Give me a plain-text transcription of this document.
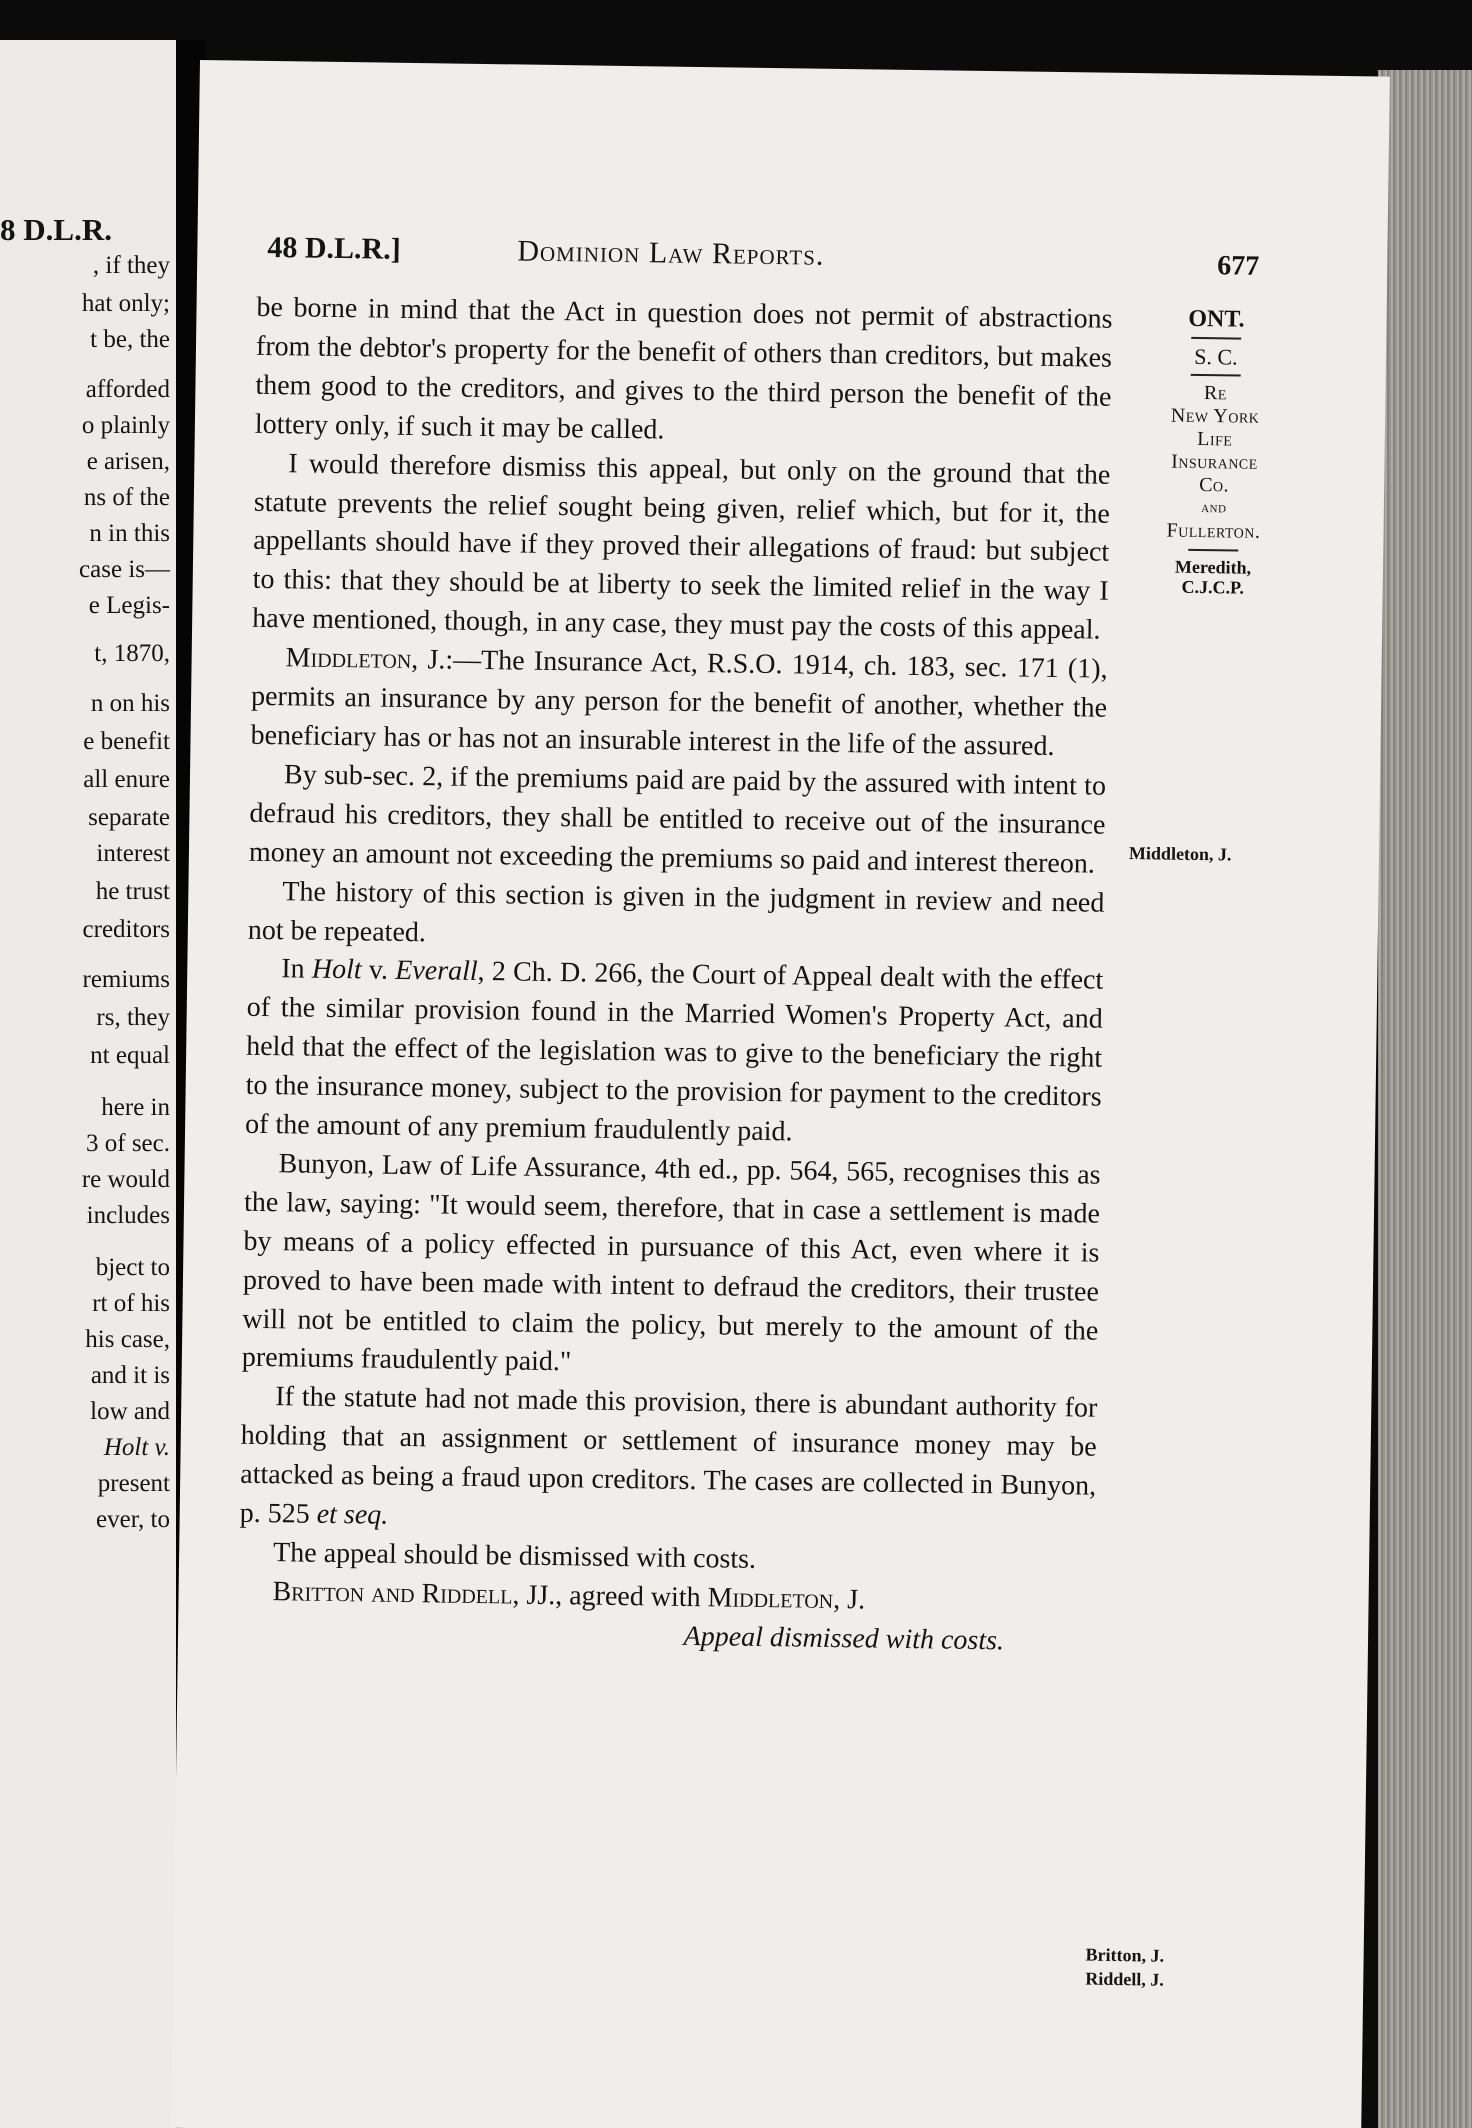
8 D.L.R.
, if they
hat only;
t be, the
afforded
o plainly
e arisen,
ns of the
n in this
case is—
e Legis-
t, 1870,
n on his
e benefit
all enure
separate
interest
he trust
creditors
remiums
rs, they
nt equal
here in
3 of sec.
re would
includes
bject to
rt of his
his case,
and it is
low and
Holt v.
present
ever, to
48 D.L.R.]	Dominion Law Reports.	677
ONT.
S. C.
Re
New York
Life
Insurance
Co.
and
Fullerton.
Meredith, C.J.C.P.
Middleton, J.
Britton, J.
Riddell, J.

be borne in mind that the Act in question does not permit of abstractions from the debtor's property for the benefit of others than creditors, but makes them good to the creditors, and gives to the third person the benefit of the lottery only, if such it may be called.

I would therefore dismiss this appeal, but only on the ground that the statute prevents the relief sought being given, relief which, but for it, the appellants should have if they proved their allegations of fraud: but subject to this: that they should be at liberty to seek the limited relief in the way I have mentioned, though, in any case, they must pay the costs of this appeal.

Middleton, J.:—The Insurance Act, R.S.O. 1914, ch. 183, sec. 171 (1), permits an insurance by any person for the benefit of another, whether the beneficiary has or has not an insurable interest in the life of the assured.

By sub-sec. 2, if the premiums paid are paid by the assured with intent to defraud his creditors, they shall be entitled to receive out of the insurance money an amount not exceeding the premiums so paid and interest thereon.

The history of this section is given in the judgment in review and need not be repeated.

In Holt v. Everall, 2 Ch. D. 266, the Court of Appeal dealt with the effect of the similar provision found in the Married Women's Property Act, and held that the effect of the legislation was to give to the beneficiary the right to the insurance money, subject to the provision for payment to the creditors of the amount of any premium fraudulently paid.

Bunyon, Law of Life Assurance, 4th ed., pp. 564, 565, recognises this as the law, saying: "It would seem, therefore, that in case a settlement is made by means of a policy effected in pursuance of this Act, even where it is proved to have been made with intent to defraud the creditors, their trustee will not be entitled to claim the policy, but merely to the amount of the premiums fraudulently paid."

If the statute had not made this provision, there is abundant authority for holding that an assignment or settlement of insurance money may be attacked as being a fraud upon creditors. The cases are collected in Bunyon, p. 525 et seq.

The appeal should be dismissed with costs.

Britton and Riddell, JJ., agreed with Middleton, J.

Appeal dismissed with costs.
